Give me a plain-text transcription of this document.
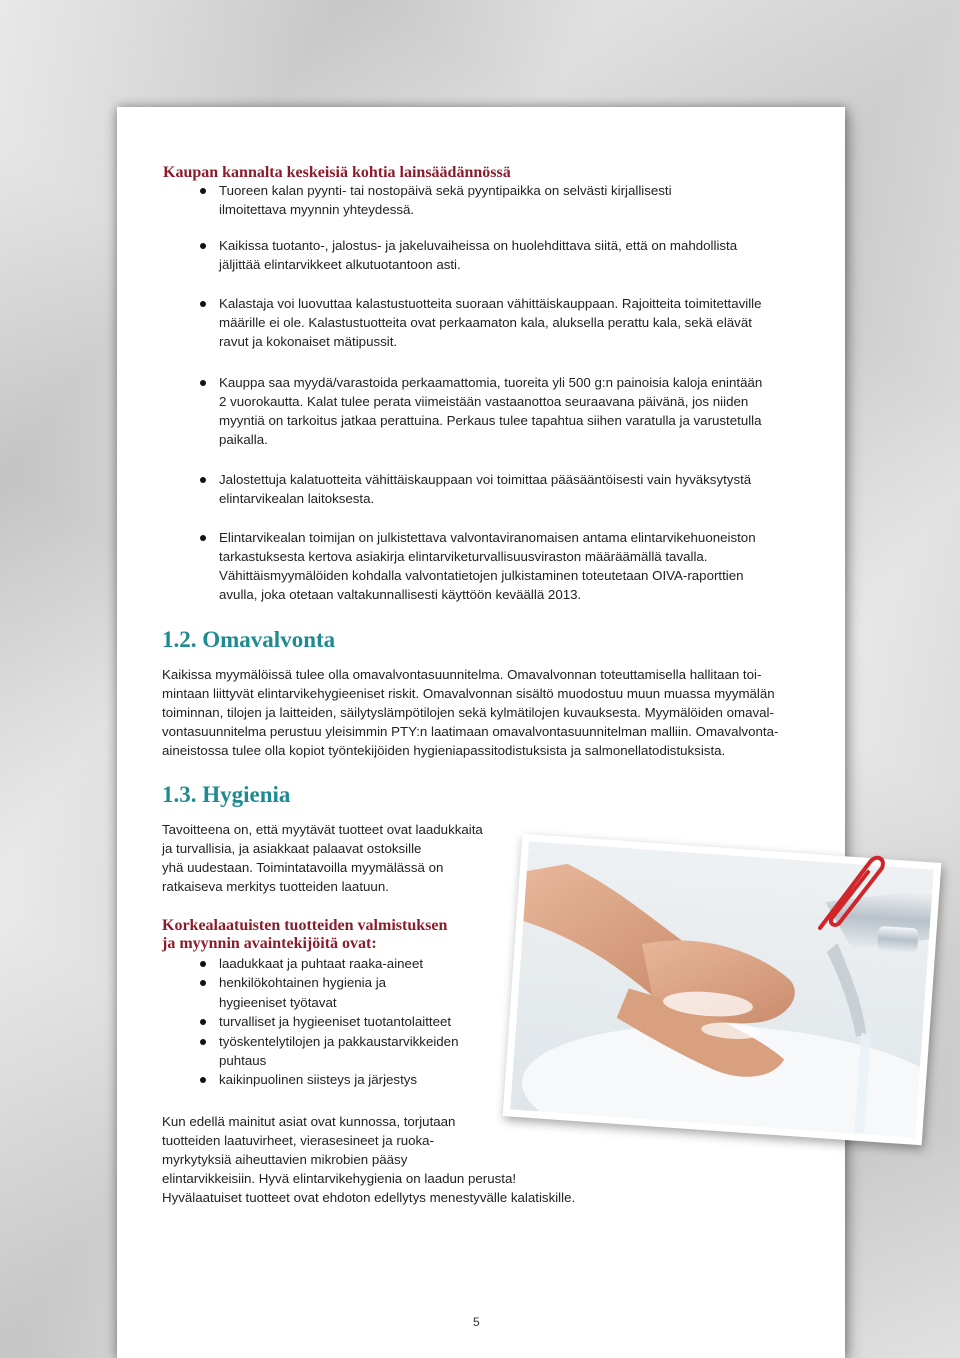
Kaupan kannalta keskeisiä kohtia lainsäädännössä
Tuoreen kalan pyynti- tai nostopäivä sekä pyyntipaikka on selvästi kirjallisesti
ilmoitettava myynnin yhteydessä.
Kaikissa tuotanto-, jalostus- ja jakeluvaiheissa on huolehdittava siitä, että on mahdollista
jäljittää elintarvikkeet alkutuotantoon asti.
Kalastaja voi luovuttaa kalastustuotteita suoraan vähittäiskauppaan. Rajoitteita toimitettaville
määrille ei ole. Kalastustuotteita ovat perkaamaton kala, aluksella perattu kala, sekä elävät
ravut ja kokonaiset mätipussit.
Kauppa saa myydä/varastoida perkaamattomia, tuoreita yli 500 g:n painoisia kaloja enintään
2 vuorokautta. Kalat tulee perata viimeistään vastaanottoa seuraavana päivänä, jos niiden
myyntiä on tarkoitus jatkaa perattuina. Perkaus tulee tapahtua siihen varatulla ja varustetulla
paikalla.
Jalostettuja kalatuotteita vähittäiskauppaan voi toimittaa pääsääntöisesti vain hyväksytystä
elintarvikealan laitoksesta.
Elintarvikealan toimijan on julkistettava valvontaviranomaisen antama elintarvikehuoneiston
tarkastuksesta kertova asiakirja elintarviketurvallisuusviraston määräämällä tavalla.
Vähittäismyymälöiden kohdalla valvontatietojen julkistaminen toteutetaan OIVA-raporttien
avulla, joka otetaan valtakunnallisesti käyttöön keväällä 2013.
1.2. Omavalvonta
Kaikissa myymälöissä tulee olla omavalvontasuunnitelma. Omavalvonnan toteuttamisella hallitaan toi-
mintaan liittyvät elintarvikehygieeniset riskit. Omavalvonnan sisältö muodostuu muun muassa myymälän
toiminnan, tilojen ja laitteiden, säilytyslämpötilojen sekä kylmätilojen kuvauksesta. Myymälöiden omaval-
vontasuunnitelma perustuu yleisimmin PTY:n laatimaan omavalvontasuunnitelman malliin. Omavalvonta-
aineistossa tulee olla kopiot työntekijöiden hygieniapassitodistuksista ja salmonellatodistuksista.
1.3. Hygienia
Tavoitteena on, että myytävät tuotteet ovat laadukkaita
ja turvallisia, ja asiakkaat palaavat ostoksille
yhä uudestaan. Toimintatavoilla myymälässä on
ratkaiseva merkitys tuotteiden laatuun.
Korkealaatuisten tuotteiden valmistuksen
ja myynnin avaintekijöitä ovat:
laadukkaat ja puhtaat raaka-aineet
henkilökohtainen hygienia ja
hygieeniset työtavat
turvalliset ja hygieeniset tuotantolaitteet
työskentelytilojen ja pakkaustarvikkeiden
puhtaus
kaikinpuolinen siisteys ja järjestys
Kun edellä mainitut asiat ovat kunnossa, torjutaan
tuotteiden laatuvirheet, vierasesineet ja ruoka-
myrkytyksiä aiheuttavien mikrobien pääsy
elintarvikkeisiin. Hyvä elintarvikehygienia on laadun perusta!
Hyvälaatuiset tuotteet ovat ehdoton edellytys menestyvälle kalatiskille.
5
